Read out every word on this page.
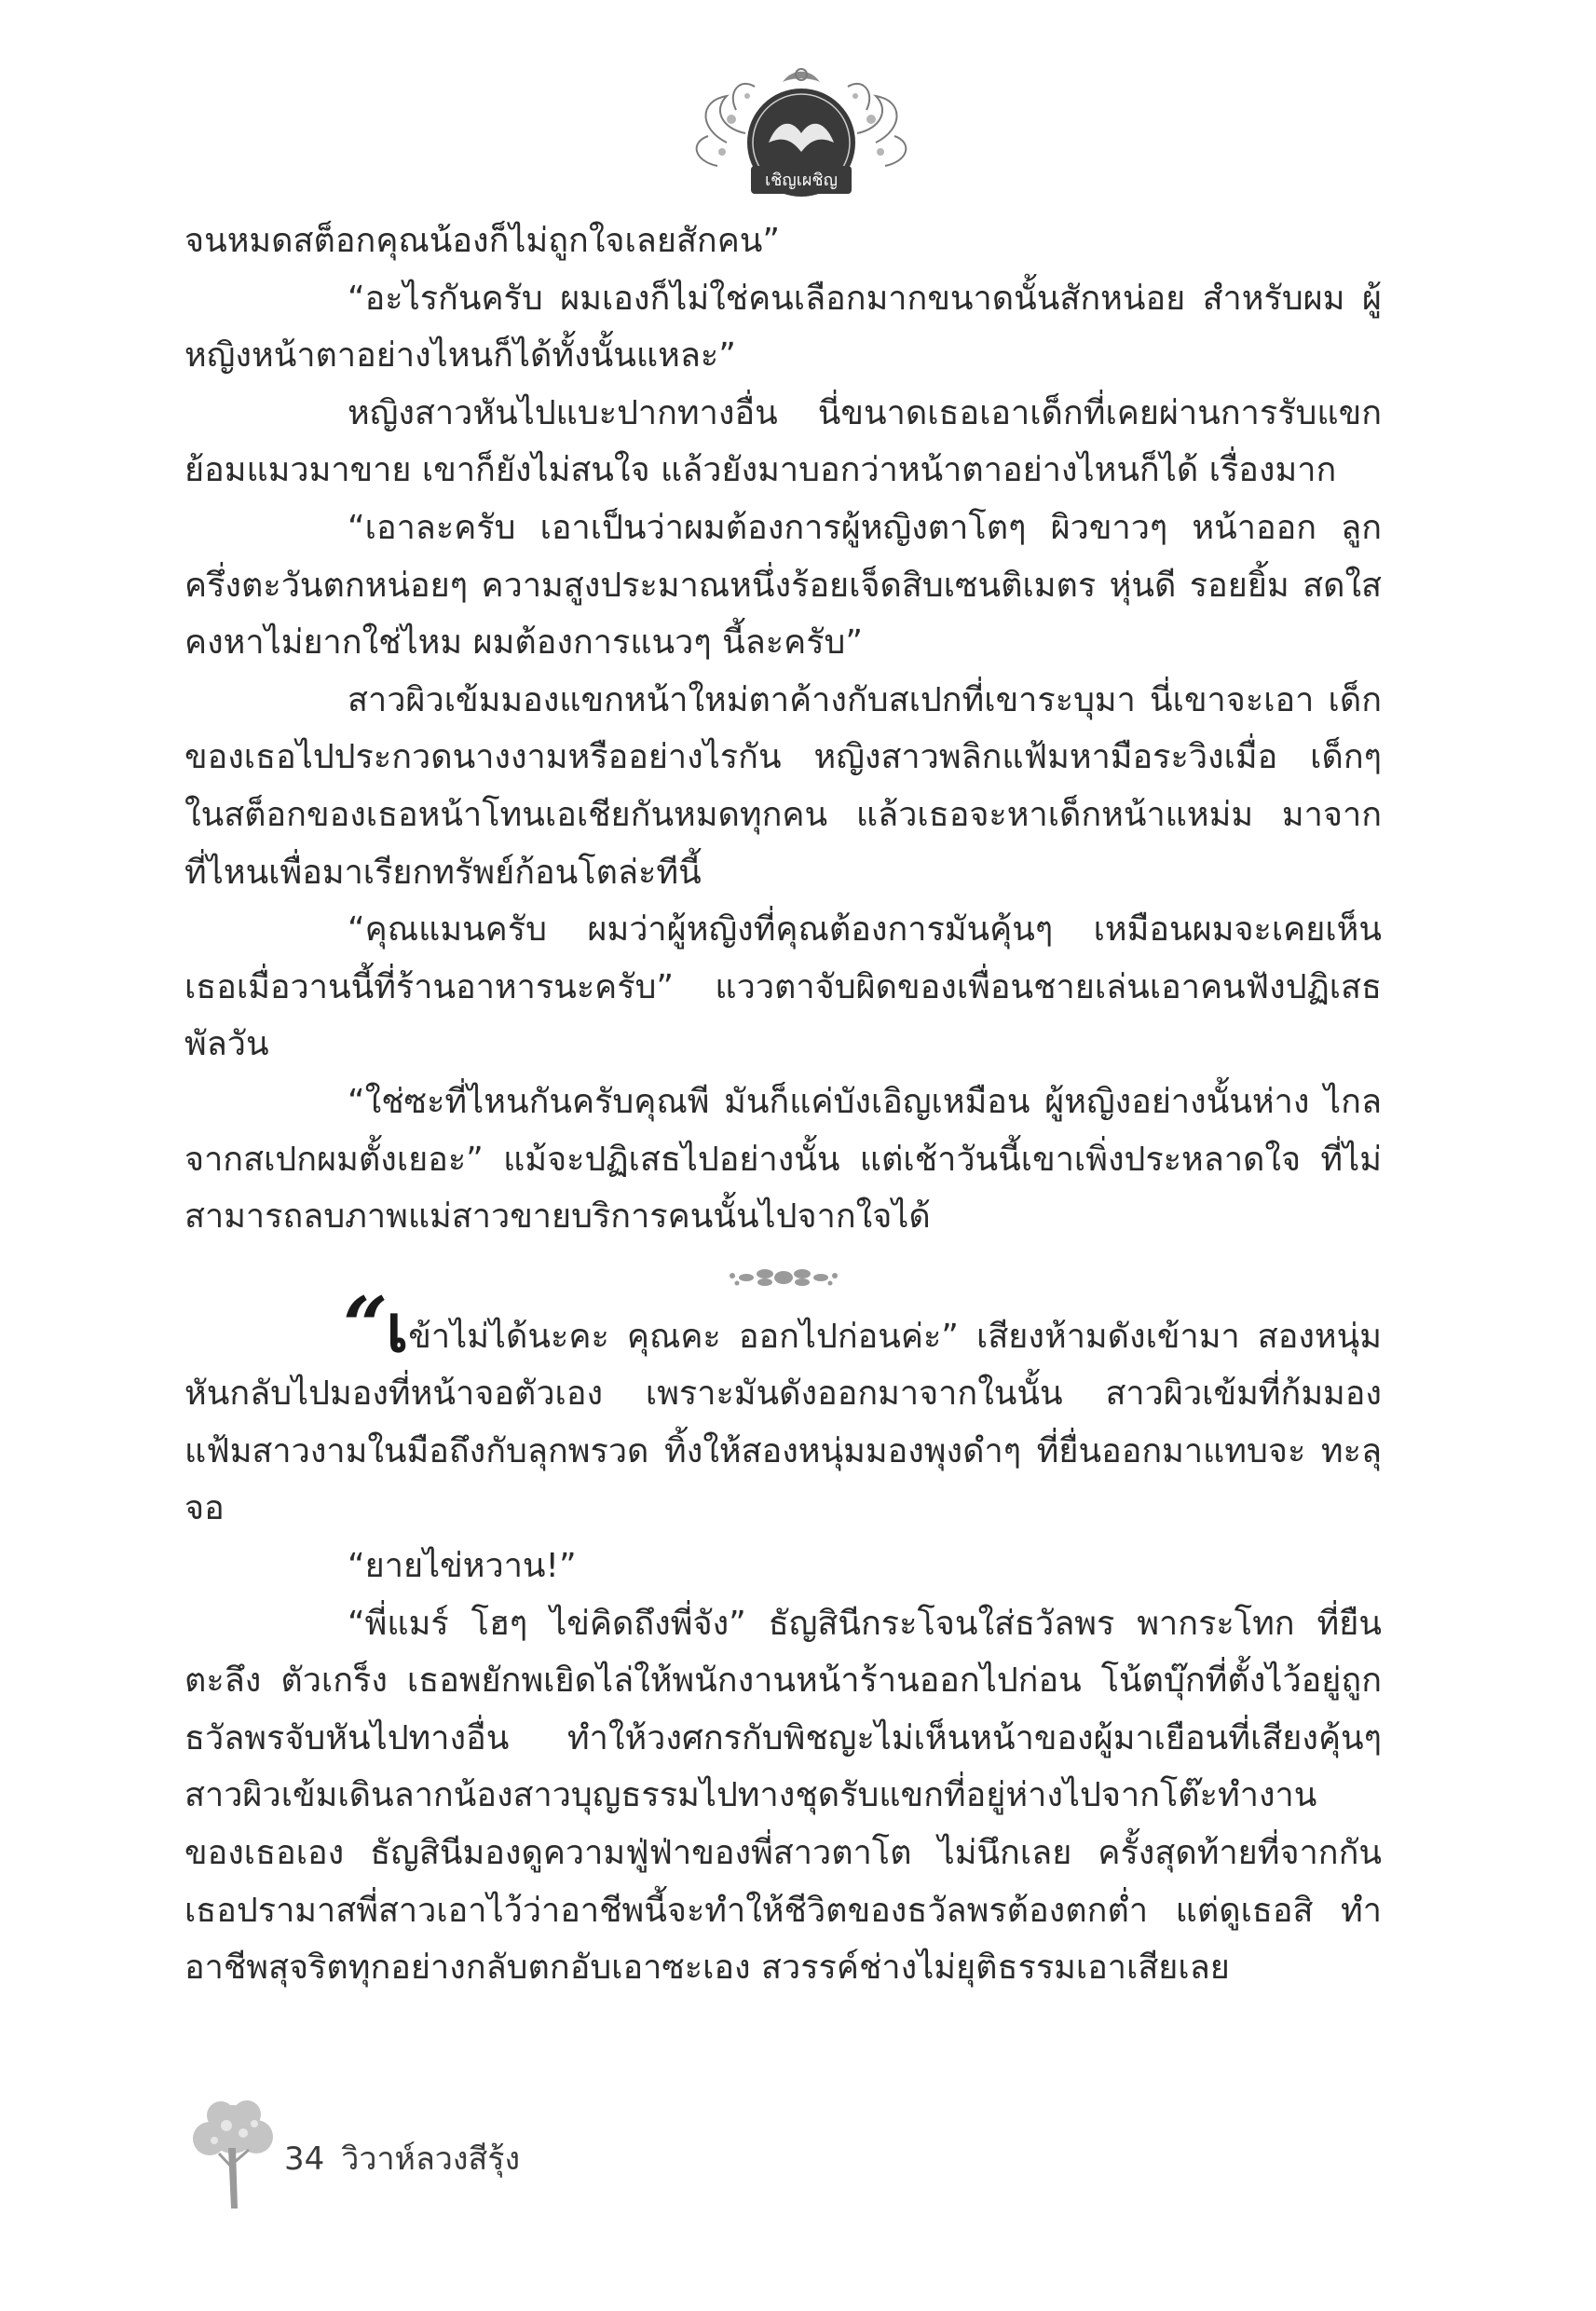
เชิญเผชิญ

จนหมดสต็อกคุณน้องก็ไม่ถูกใจเลยสักคน”

“อะไรกันครับ ผมเองก็ไม่ใช่คนเลือกมากขนาดนั้นสักหน่อย สำหรับผม ผู้หญิงหน้าตาอย่างไหนก็ได้ทั้งนั้นแหละ”

หญิงสาวหันไปแบะปากทางอื่น นี่ขนาดเธอเอาเด็กที่เคยผ่านการรับแขก ย้อมแมวมาขาย เขาก็ยังไม่สนใจ แล้วยังมาบอกว่าหน้าตาอย่างไหนก็ได้ เรื่องมาก

“เอาละครับ เอาเป็นว่าผมต้องการผู้หญิงตาโตๆ ผิวขาวๆ หน้าออก ลูกครึ่งตะวันตกหน่อยๆ ความสูงประมาณหนึ่งร้อยเจ็ดสิบเซนติเมตร หุ่นดี รอยยิ้ม สดใส คงหาไม่ยากใช่ไหม ผมต้องการแนวๆ นี้ละครับ”

สาวผิวเข้มมองแขกหน้าใหม่ตาค้างกับสเปกที่เขาระบุมา นี่เขาจะเอา เด็กของเธอไปประกวดนางงามหรืออย่างไรกัน หญิงสาวพลิกแฟ้มหามือระวิงเมื่อ เด็กๆ ในสต็อกของเธอหน้าโทนเอเชียกันหมดทุกคน แล้วเธอจะหาเด็กหน้าแหม่ม มาจากที่ไหนเพื่อมาเรียกทรัพย์ก้อนโตล่ะทีนี้

“คุณแมนครับ ผมว่าผู้หญิงที่คุณต้องการมันคุ้นๆ เหมือนผมจะเคยเห็น เธอเมื่อวานนี้ที่ร้านอาหารนะครับ” แววตาจับผิดของเพื่อนชายเล่นเอาคนฟังปฏิเสธ พัลวัน

“ใช่ซะที่ไหนกันครับคุณพี มันก็แค่บังเอิญเหมือน ผู้หญิงอย่างนั้นห่าง ไกลจากสเปกผมตั้งเยอะ” แม้จะปฏิเสธไปอย่างนั้น แต่เช้าวันนี้เขาเพิ่งประหลาดใจ ที่ไม่สามารถลบภาพแม่สาวขายบริการคนนั้นไปจากใจได้

“เข้าไม่ได้นะคะ คุณคะ ออกไปก่อนค่ะ” เสียงห้ามดังเข้ามา สองหนุ่ม หันกลับไปมองที่หน้าจอตัวเอง เพราะมันดังออกมาจากในนั้น สาวผิวเข้มที่ก้มมอง แฟ้มสาวงามในมือถึงกับลุกพรวด ทิ้งให้สองหนุ่มมองพุงดำๆ ที่ยื่นออกมาแทบจะ ทะลุจอ

“ยายไข่หวาน!”

“พี่แมร์ โฮๆ ไข่คิดถึงพี่จัง” ธัญสินีกระโจนใส่ธวัลพร พากระโทก ที่ยืนตะลึง ตัวเกร็ง เธอพยักพเยิดไล่ให้พนักงานหน้าร้านออกไปก่อน โน้ตบุ๊กที่ตั้งไว้อยู่ถูก ธวัลพรจับหันไปทางอื่น ทำให้วงศกรกับพิชญะไม่เห็นหน้าของผู้มาเยือนที่เสียงคุ้นๆ สาวผิวเข้มเดินลากน้องสาวบุญธรรมไปทางชุดรับแขกที่อยู่ห่างไปจากโต๊ะทำงาน ของเธอเอง ธัญสินีมองดูความฟู่ฟ่าของพี่สาวตาโต ไม่นึกเลย ครั้งสุดท้ายที่จากกัน เธอปรามาสพี่สาวเอาไว้ว่าอาชีพนี้จะทำให้ชีวิตของธวัลพรต้องตกต่ำ แต่ดูเธอสิ ทำอาชีพสุจริตทุกอย่างกลับตกอับเอาซะเอง สวรรค์ช่างไม่ยุติธรรมเอาเสียเลย

34 วิวาห์ลวงสีรุ้ง
